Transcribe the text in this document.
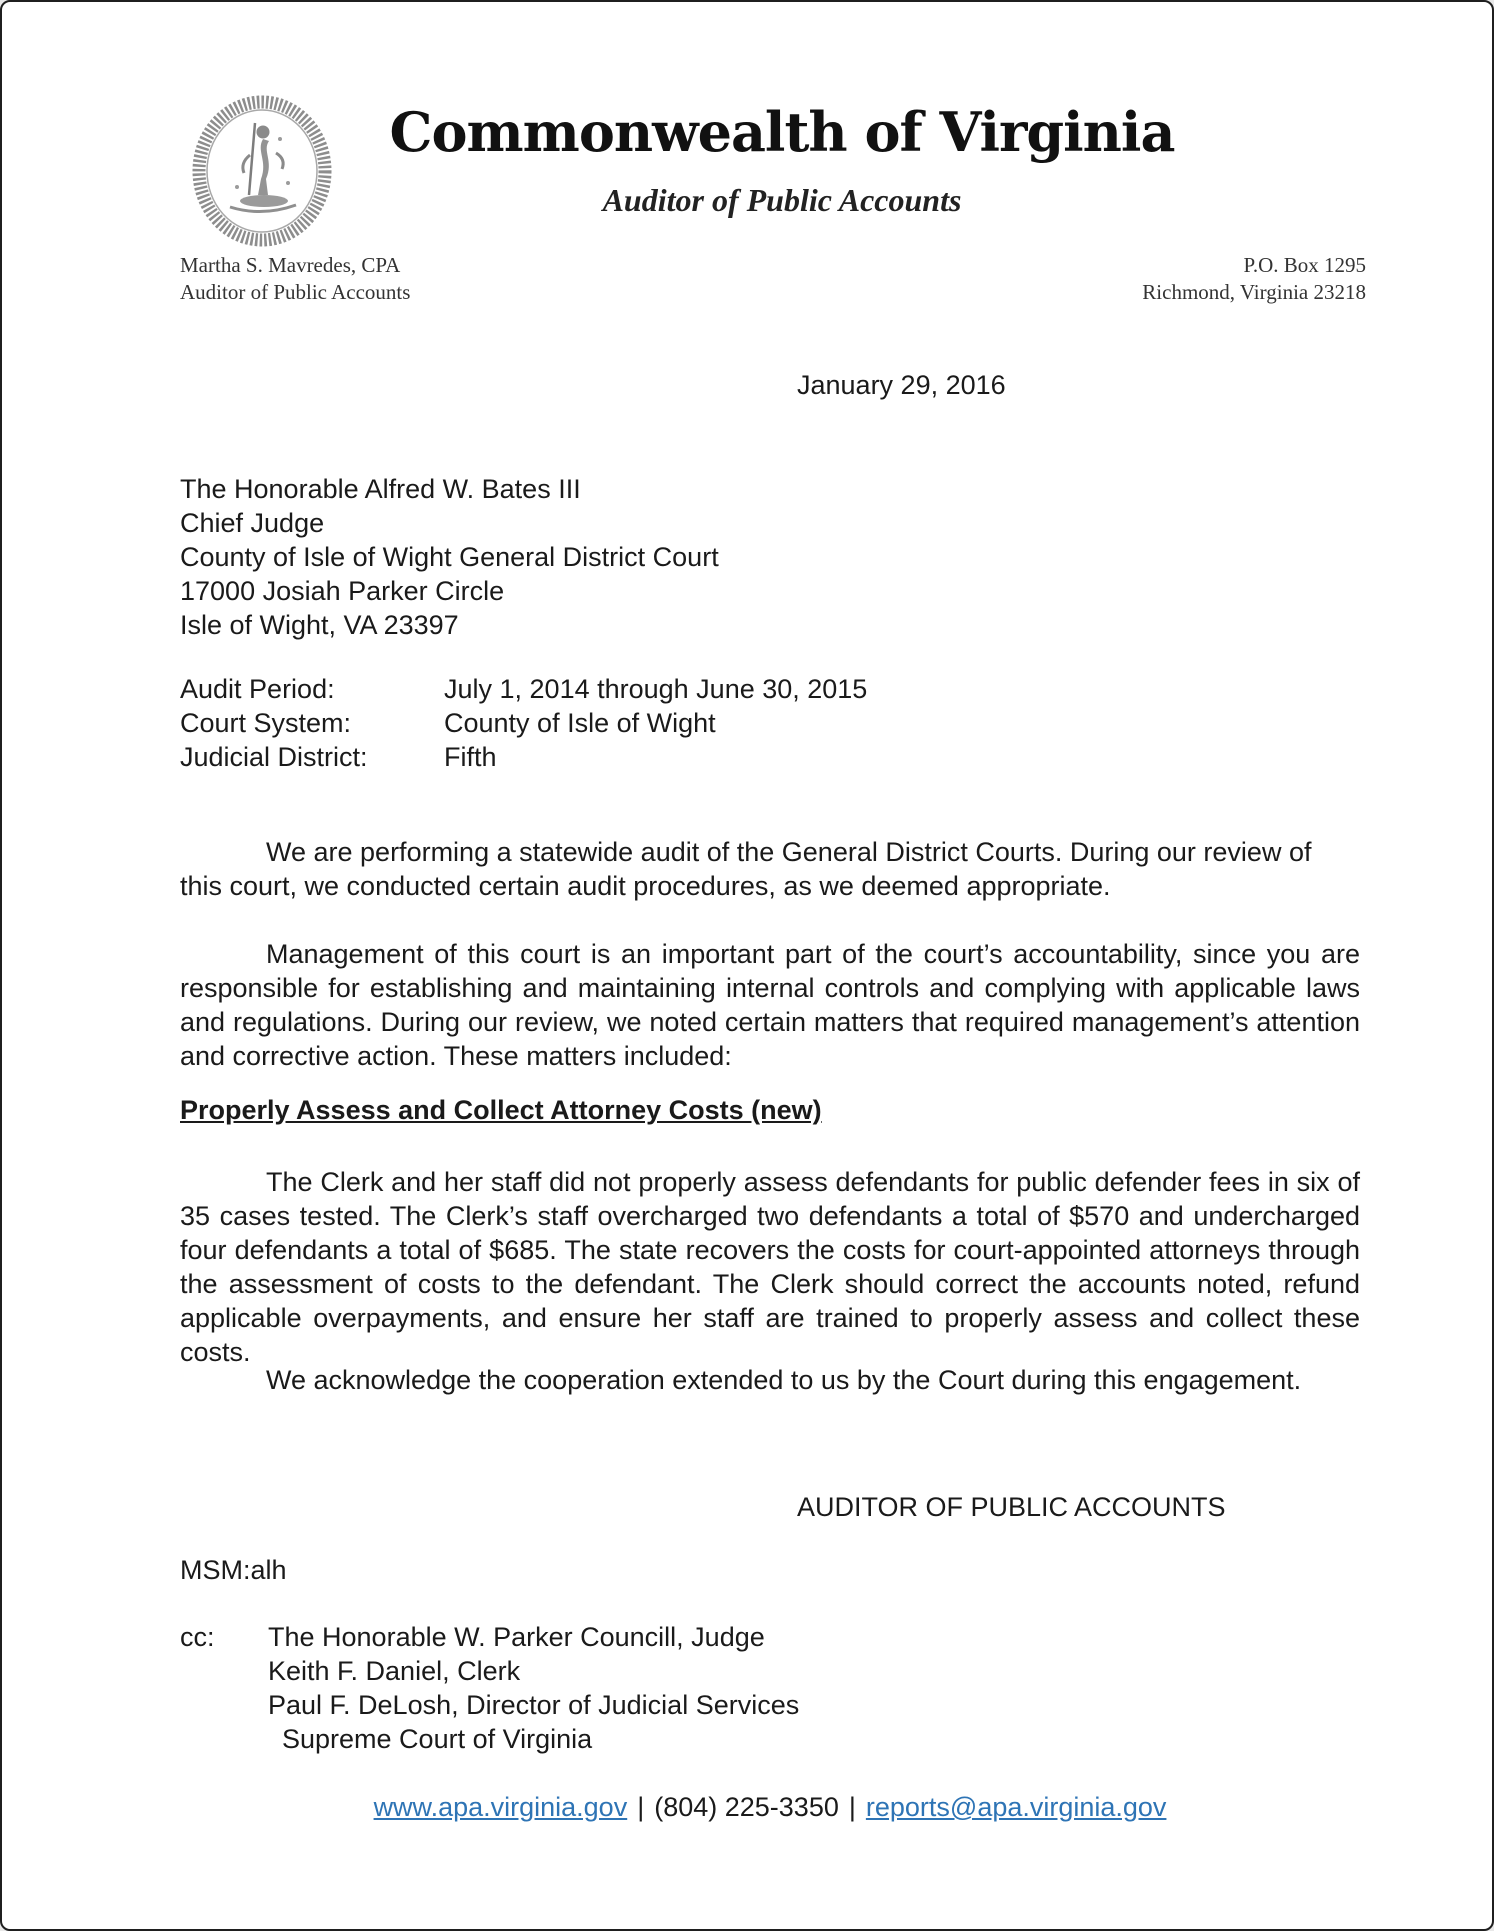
Commonwealth of Virginia
Auditor of Public Accounts
Martha S. Mavredes, CPA
Auditor of Public Accounts
P.O. Box 1295
Richmond, Virginia 23218
January 29, 2016
The Honorable Alfred W. Bates III
Chief Judge
County of Isle of Wight General District Court
17000 Josiah Parker Circle
Isle of Wight, VA 23397
Audit Period:	July 1, 2014 through June 30, 2015
Court System:	County of Isle of Wight
Judicial District:	Fifth
We are performing a statewide audit of the General District Courts. During our review of this court, we conducted certain audit procedures, as we deemed appropriate.
Management of this court is an important part of the court’s accountability, since you are responsible for establishing and maintaining internal controls and complying with applicable laws and regulations. During our review, we noted certain matters that required management’s attention and corrective action. These matters included:
Properly Assess and Collect Attorney Costs (new)
The Clerk and her staff did not properly assess defendants for public defender fees in six of 35 cases tested. The Clerk’s staff overcharged two defendants a total of $570 and undercharged four defendants a total of $685. The state recovers the costs for court-appointed attorneys through the assessment of costs to the defendant. The Clerk should correct the accounts noted, refund applicable overpayments, and ensure her staff are trained to properly assess and collect these costs.
We acknowledge the cooperation extended to us by the Court during this engagement.
AUDITOR OF PUBLIC ACCOUNTS
MSM:alh
cc: The Honorable W. Parker Councill, Judge
Keith F. Daniel, Clerk
Paul F. DeLosh, Director of Judicial Services
Supreme Court of Virginia
www.apa.virginia.gov | (804) 225-3350 | reports@apa.virginia.gov
